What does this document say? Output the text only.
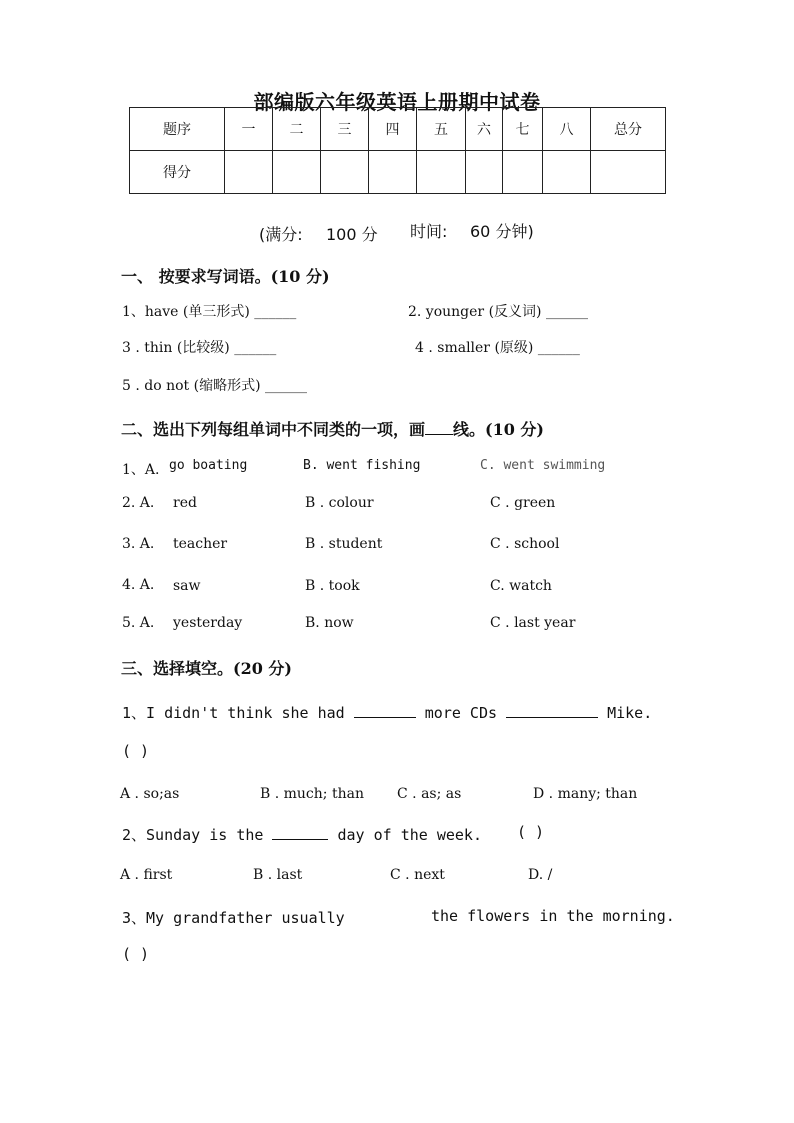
部编版六年级英语上册期中试卷
题序	一	二	三	四	五	六	七	八	总分
得分									
(满分: 100 分 时间: 60 分钟)
一、 按要求写词语。(10 分)
1、have (单三形式) ______	2. younger (反义词) ______
3 . thin (比较级) ______	4 . smaller (原级) ______
5 . do not (缩略形式) ______
二、选出下列每组单词中不同类的一项，画 线。(10 分)
1、A. go boating	B. went fishing	C. went swimming
2. A. red	B . colour	C . green
3. A. teacher	B . student	C . school
4. A. saw	B . took	C. watch
5. A. yesterday	B. now	C . last year
三、选择填空。(20 分)
1、I didn't think she had	more CDs	Mike.
( )
A . so;as	B . much; than C . as; as	D . many; than
2、Sunday is the	day of the week. ( )
A . first	B . last	C . next	D. /
3、My grandfather usually	the flowers in the morning.
( )
